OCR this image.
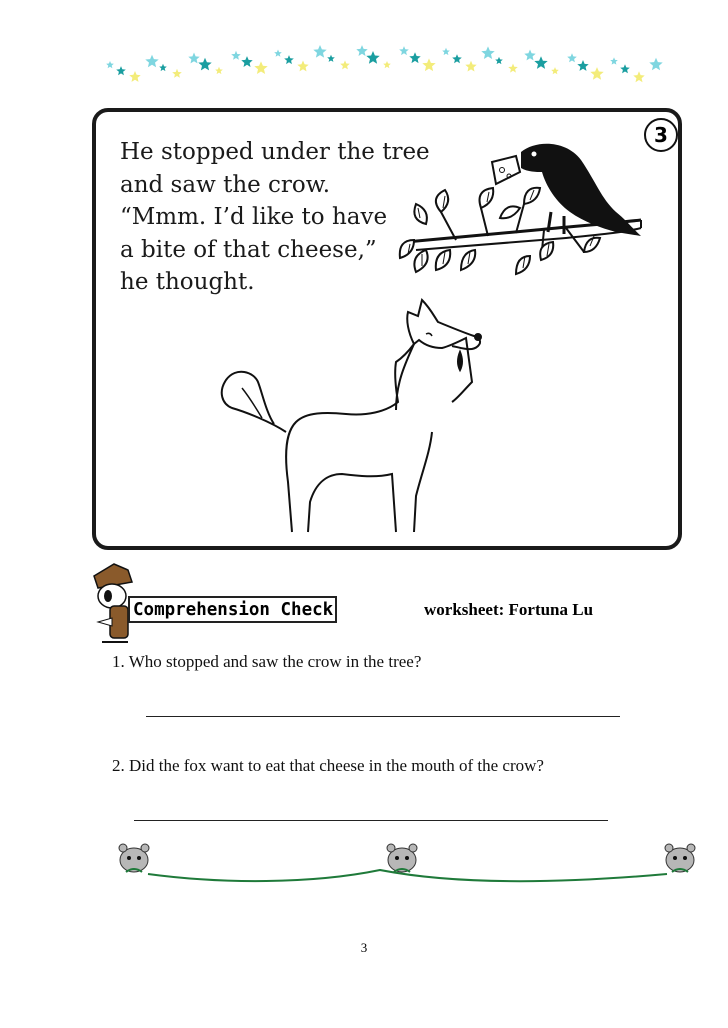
He stopped under the tree
and saw the crow.
“Mmm. I’d like to have
a bite of that cheese,”
he thought.
3
Comprehension Check	worksheet: Fortuna Lu
1. Who stopped and saw the crow in the tree?
2. Did the fox want to eat that cheese in the mouth of the crow?
3
